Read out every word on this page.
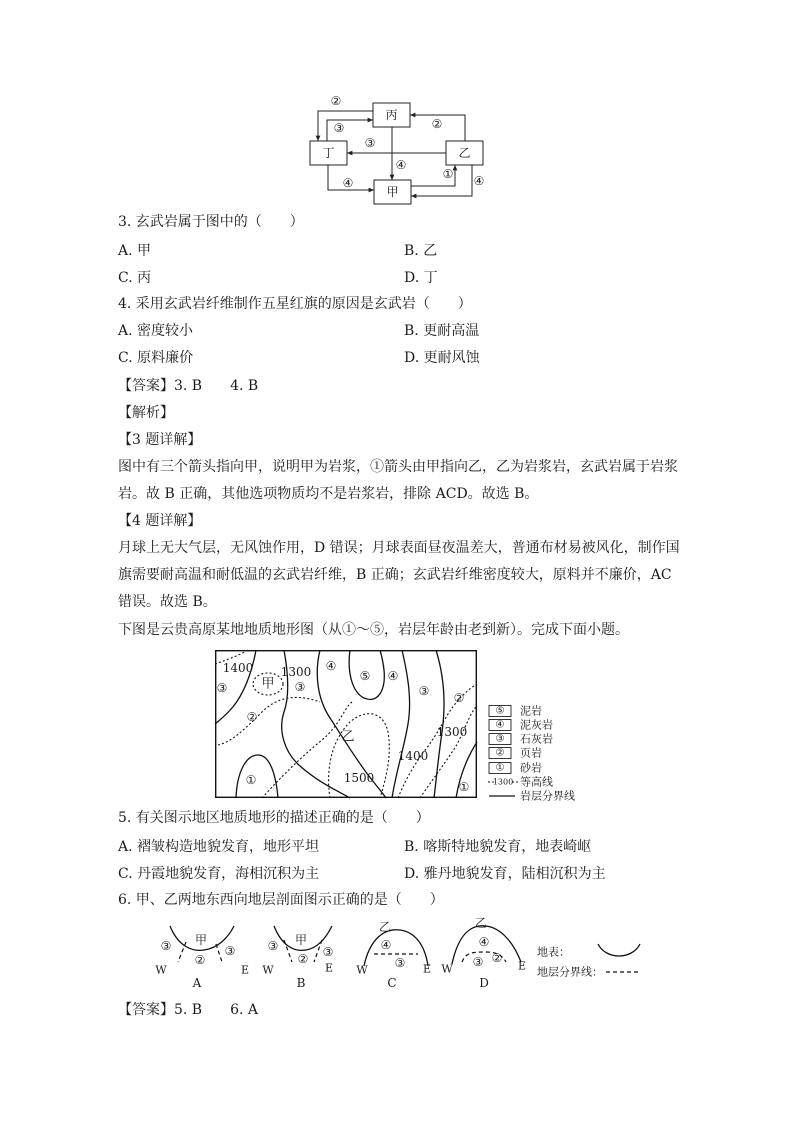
丙
丁	乙
甲
②
③	②
③
④
④
① ④
3. 玄武岩属于图中的（　　）
A. 甲	B. 乙
C. 丙	D. 丁
4. 采用玄武岩纤维制作五星红旗的原因是玄武岩（　　）
A. 密度较小	B. 更耐高温
C. 原料廉价	D. 更耐风蚀
【答案】3. B　　4. B
【解析】
【3 题详解】
图中有三个箭头指向甲，说明甲为岩浆，①箭头由甲指向乙，乙为岩浆岩，玄武岩属于岩浆
岩。故 B 正确，其他选项物质均不是岩浆岩，排除 ACD。故选 B。
【4 题详解】
月球上无大气层，无风蚀作用，D 错误；月球表面昼夜温差大，普通布材易被风化，制作国
旗需要耐高温和耐低温的玄武岩纤维，B 正确；玄武岩纤维密度较大，原料并不廉价，AC
错误。故选 B。
下图是云贵高原某地地质地形图（从①～⑤，岩层年龄由老到新）。完成下面小题。
1400 1300
甲
③	③
④
⑤ ④
③ ②
②
乙	1300
1400
1500
①	①
⑤
④
③
②
①
1300
泥岩
泥灰岩
石灰岩
页岩
砂岩
等高线
岩层分界线
5. 有关图示地区地质地形的描述正确的是（　　）
A. 褶皱构造地貌发育，地形平坦	B. 喀斯特地貌发育，地表崎岖
C. 丹霞地貌发育，海相沉积为主	D. 雅丹地貌发育，陆相沉积为主
6. 甲、乙两地东西向地层剖面图示正确的是（　　）
③ 甲
②
③
W	E
A
③ 甲
② ③
W	E
B
乙
④
③
W	E
C
乙
④
③ ②
W	E
D
地表：
地层分界线：
【答案】5. B　　6. A
